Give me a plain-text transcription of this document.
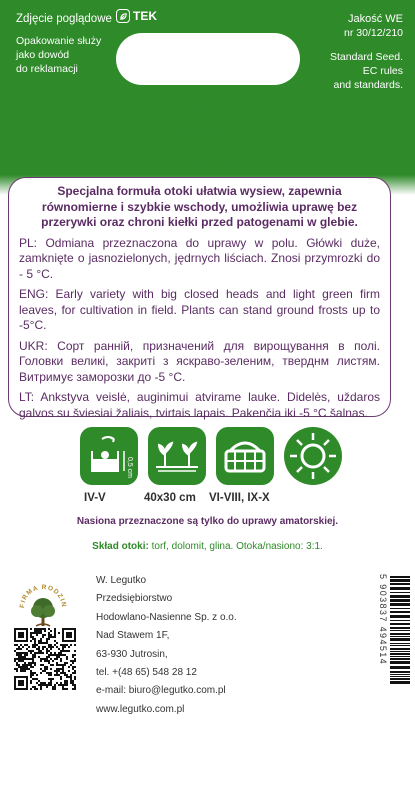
Zdjęcie poglądowe
Opakowanie służy
jako dowód
do reklamacji
TEK	Jakość WE
nr 30/12/210
Standard Seed.
EC rules
and standards.
Sałata
Král Máje I
Lactuca sativa

Specjalna formuła otoki ułatwia wysiew, zapewnia równomierne i szybkie wschody, umożliwia uprawę bez przerywki oraz chroni kiełki przed patogenami w glebie.

PL: Odmiana przeznaczona do uprawy w polu. Główki duże, zamknięte o jasnozielonych, jędrnych liściach. Znosi przymrozki do - 5 °C.

ENG: Early variety with big closed heads and light green firm leaves, for cultivation in field. Plants can stand ground frosts up to -5°C.

UKR: Сорт ранній, призначений для вирощування в полі. Головки великі, закриті з яскраво-зеленим, тверднм листям. Витримує заморозки до -5 °C.

LT: Ankstyva veislė, auginimui atvirame lauke. Didelės, uždaros galvos su šviesiai žaliais, tvirtais lapais. Pakenčia iki -5 °C šalnas.

0,5 cm
IV-V	40x30 cm VI-VIII, IX-X
Nasiona przeznaczone są tylko do uprawy amatorskiej.
Skład otoki: torf, dolomit, glina. Otoka/nasiono: 3:1.
FIRMA RODZIN
W. Legutko
Przedsiębiorstwo
Hodowlano-Nasienne Sp. z o.o.
Nad Stawem 1F,
63-930 Jutrosin,
tel. +(48 65) 548 28 12
e-mail: biuro@legutko.com.pl
www.legutko.com.pl
5 903837 494514
